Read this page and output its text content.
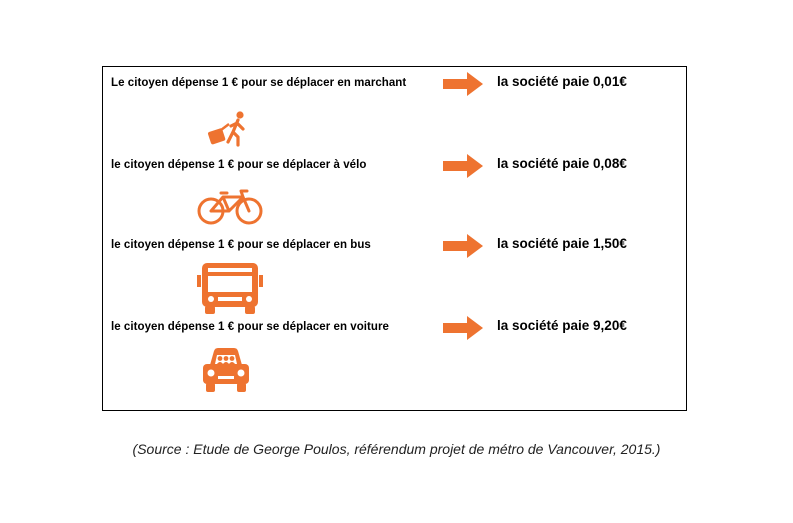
Le citoyen dépense 1 € pour se déplacer en marchant	la société paie 0,01€
le citoyen dépense 1 € pour se déplacer à vélo	la société paie 0,08€
le citoyen dépense 1 € pour se déplacer en bus	la société paie 1,50€
le citoyen dépense 1 € pour se déplacer en voiture	la société paie 9,20€
(Source : Etude de George Poulos, référendum projet de métro de Vancouver, 2015.)
